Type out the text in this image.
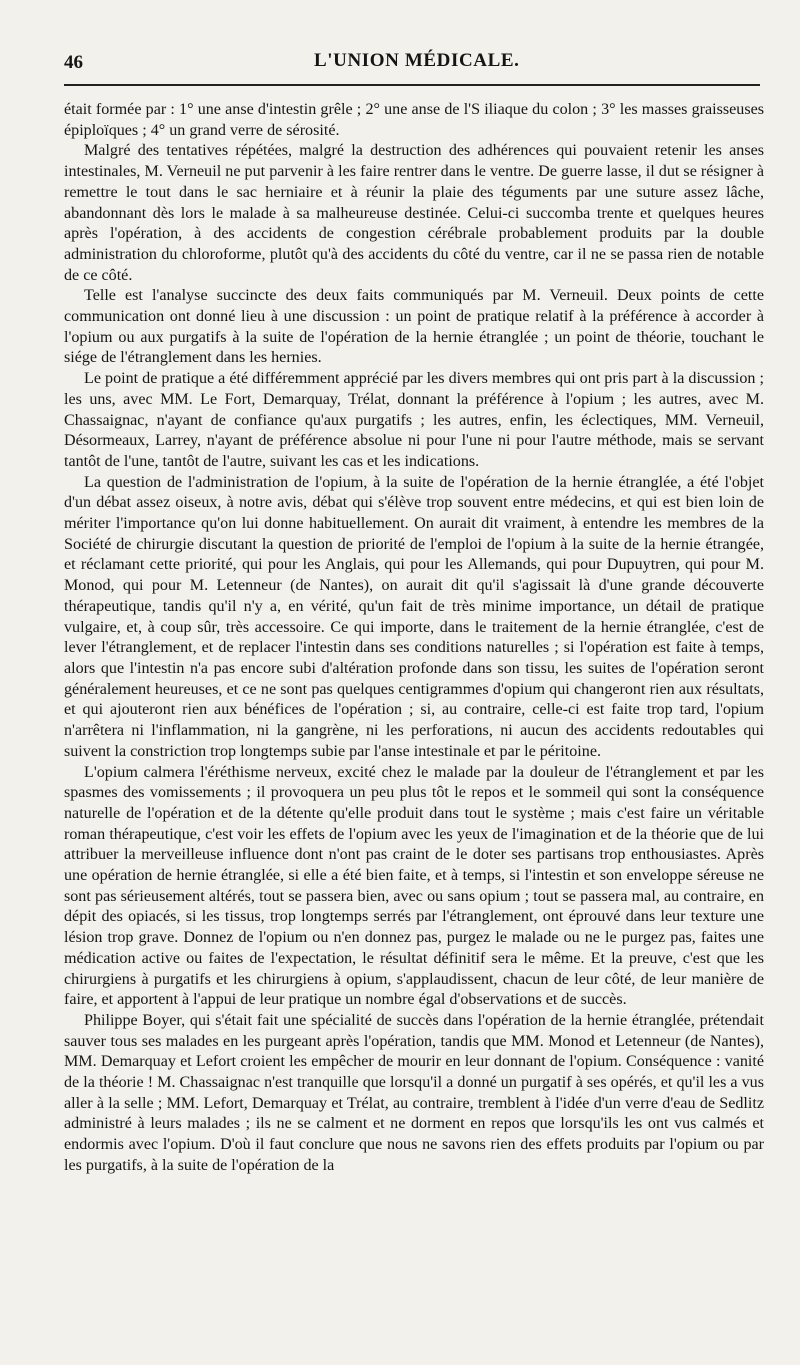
46	L'UNION MÉDICALE.

était formée par : 1° une anse d'intestin grêle ; 2° une anse de l'S iliaque du colon ; 3° les masses graisseuses épiploïques ; 4° un grand verre de sérosité.

Malgré des tentatives répétées, malgré la destruction des adhérences qui pouvaient retenir les anses intestinales, M. Verneuil ne put parvenir à les faire rentrer dans le ventre. De guerre lasse, il dut se résigner à remettre le tout dans le sac herniaire et à réunir la plaie des téguments par une suture assez lâche, abandonnant dès lors le malade à sa malheureuse destinée. Celui-ci succomba trente et quelques heures après l'opération, à des accidents de congestion cérébrale probablement produits par la double administration du chloroforme, plutôt qu'à des accidents du côté du ventre, car il ne se passa rien de notable de ce côté.

Telle est l'analyse succincte des deux faits communiqués par M. Verneuil. Deux points de cette communication ont donné lieu à une discussion : un point de pratique relatif à la préférence à accorder à l'opium ou aux purgatifs à la suite de l'opération de la hernie étranglée ; un point de théorie, touchant le siége de l'étranglement dans les hernies.

Le point de pratique a été différemment apprécié par les divers membres qui ont pris part à la discussion ; les uns, avec MM. Le Fort, Demarquay, Trélat, donnant la préférence à l'opium ; les autres, avec M. Chassaignac, n'ayant de confiance qu'aux purgatifs ; les autres, enfin, les éclectiques, MM. Verneuil, Désormeaux, Larrey, n'ayant de préférence absolue ni pour l'une ni pour l'autre méthode, mais se servant tantôt de l'une, tantôt de l'autre, suivant les cas et les indications.

La question de l'administration de l'opium, à la suite de l'opération de la hernie étranglée, a été l'objet d'un débat assez oiseux, à notre avis, débat qui s'élève trop souvent entre médecins, et qui est bien loin de mériter l'importance qu'on lui donne habituellement. On aurait dit vraiment, à entendre les membres de la Société de chirurgie discutant la question de priorité de l'emploi de l'opium à la suite de la hernie étrangée, et réclamant cette priorité, qui pour les Anglais, qui pour les Allemands, qui pour Dupuytren, qui pour M. Monod, qui pour M. Letenneur (de Nantes), on aurait dit qu'il s'agissait là d'une grande découverte thérapeutique, tandis qu'il n'y a, en vérité, qu'un fait de très minime importance, un détail de pratique vulgaire, et, à coup sûr, très accessoire. Ce qui importe, dans le traitement de la hernie étranglée, c'est de lever l'étranglement, et de replacer l'intestin dans ses conditions naturelles ; si l'opération est faite à temps, alors que l'intestin n'a pas encore subi d'altération profonde dans son tissu, les suites de l'opération seront généralement heureuses, et ce ne sont pas quelques centigrammes d'opium qui changeront rien aux résultats, et qui ajouteront rien aux bénéfices de l'opération ; si, au contraire, celle-ci est faite trop tard, l'opium n'arrêtera ni l'inflammation, ni la gangrène, ni les perforations, ni aucun des accidents redoutables qui suivent la constriction trop longtemps subie par l'anse intestinale et par le péritoine.

L'opium calmera l'éréthisme nerveux, excité chez le malade par la douleur de l'étranglement et par les spasmes des vomissements ; il provoquera un peu plus tôt le repos et le sommeil qui sont la conséquence naturelle de l'opération et de la détente qu'elle produit dans tout le système ; mais c'est faire un véritable roman thérapeutique, c'est voir les effets de l'opium avec les yeux de l'imagination et de la théorie que de lui attribuer la merveilleuse influence dont n'ont pas craint de le doter ses partisans trop enthousiastes. Après une opération de hernie étranglée, si elle a été bien faite, et à temps, si l'intestin et son enveloppe séreuse ne sont pas sérieusement altérés, tout se passera bien, avec ou sans opium ; tout se passera mal, au contraire, en dépit des opiacés, si les tissus, trop longtemps serrés par l'étranglement, ont éprouvé dans leur texture une lésion trop grave. Donnez de l'opium ou n'en donnez pas, purgez le malade ou ne le purgez pas, faites une médication active ou faites de l'expectation, le résultat définitif sera le même. Et la preuve, c'est que les chirurgiens à purgatifs et les chirurgiens à opium, s'applaudissent, chacun de leur côté, de leur manière de faire, et apportent à l'appui de leur pratique un nombre égal d'observations et de succès.

Philippe Boyer, qui s'était fait une spécialité de succès dans l'opération de la hernie étranglée, prétendait sauver tous ses malades en les purgeant après l'opération, tandis que MM. Monod et Letenneur (de Nantes), MM. Demarquay et Lefort croient les empêcher de mourir en leur donnant de l'opium. Conséquence : vanité de la théorie ! M. Chassaignac n'est tranquille que lorsqu'il a donné un purgatif à ses opérés, et qu'il les a vus aller à la selle ; MM. Lefort, Demarquay et Trélat, au contraire, tremblent à l'idée d'un verre d'eau de Sedlitz administré à leurs malades ; ils ne se calment et ne dorment en repos que lorsqu'ils les ont vus calmés et endormis avec l'opium. D'où il faut conclure que nous ne savons rien des effets produits par l'opium ou par les purgatifs, à la suite de l'opération de la
